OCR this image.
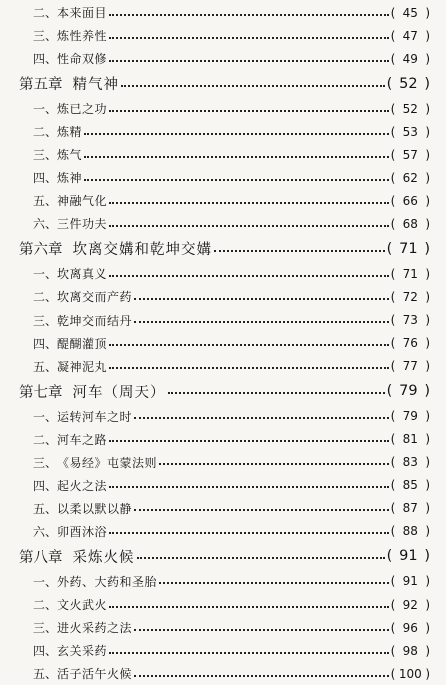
二、 本来面目	( 45 )
三、 炼性养性	( 47 )
四、 性命双修	( 49 )
第五章 精气神	( 52 )
一、 炼已之功	( 52 )
二、 炼精	( 53 )
三、 炼气	( 57 )
四、 炼神	( 62 )
五、 神融气化	( 66 )
六、 三件功夫	( 68 )
第六章 坎离交媾和乾坤交媾	( 71 )
一、 坎离真义	( 71 )
二、 坎离交而产药	( 72 )
三、 乾坤交而结丹	( 73 )
四、 醍醐灌顶	( 76 )
五、 凝神泥丸	( 77 )
第七章 河车（周天）	( 79 )
一、 运转河车之时	( 79 )
二、 河车之路	( 81 )
三、 《易经》屯蒙法则	( 83 )
四、 起火之法	( 85 )
五、 以柔以默以静	( 87 )
六、 卯酉沐浴	( 88 )
第八章 采炼火候	( 91 )
一、 外药、大药和圣胎	( 91 )
二、 文火武火	( 92 )
三、 进火采药之法	( 96 )
四、 玄关采药	( 98 )
五、 活子活午火候	( 100 )
